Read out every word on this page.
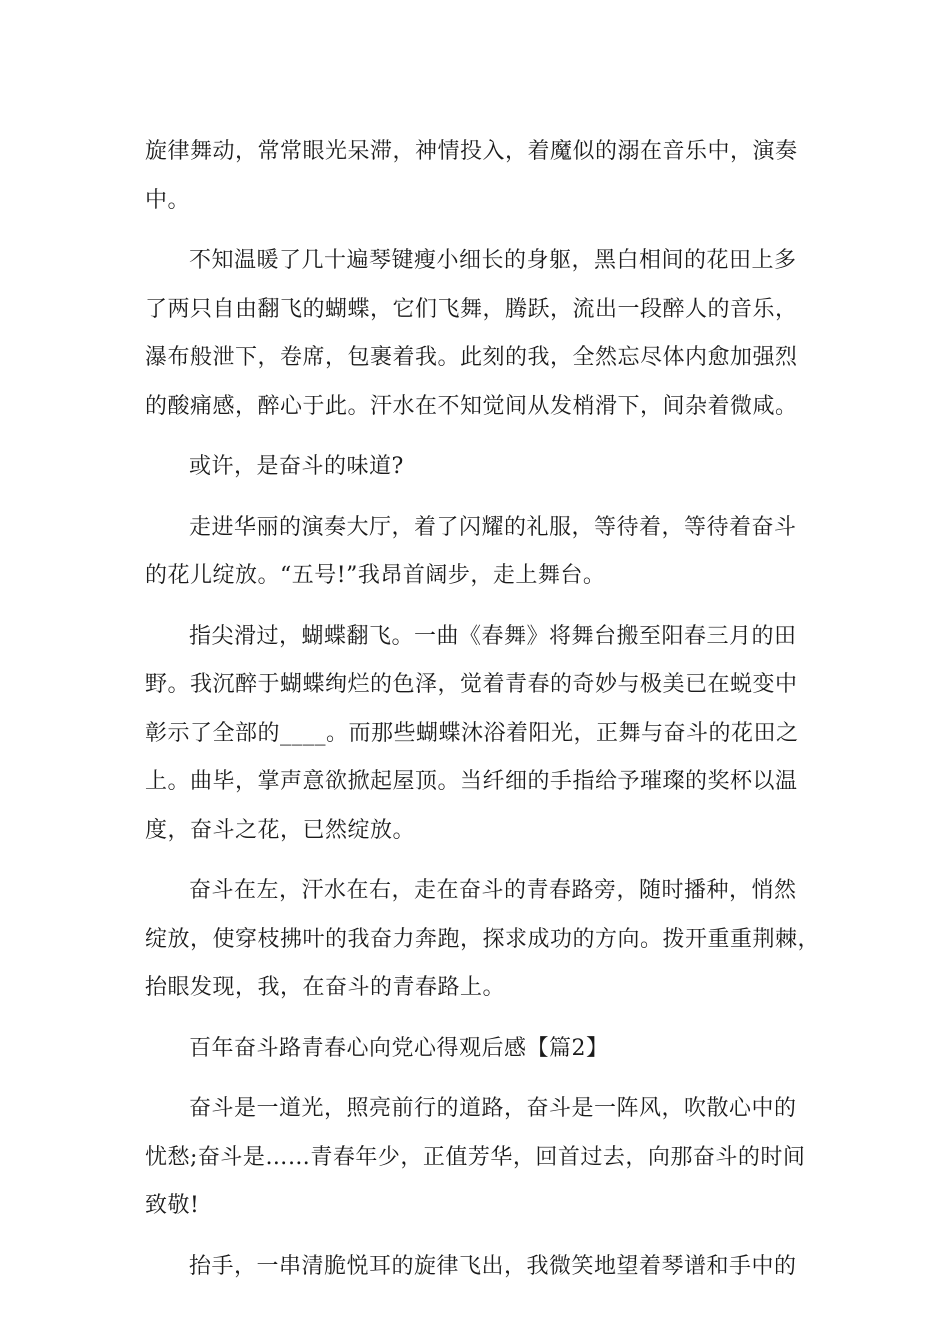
旋律舞动，常常眼光呆滞，神情投入，着魔似的溺在音乐中，演奏
中。

不知温暖了几十遍琴键瘦小细长的身躯，黑白相间的花田上多
了两只自由翻飞的蝴蝶，它们飞舞，腾跃，流出一段醉人的音乐，
瀑布般泄下，卷席，包裹着我。此刻的我，全然忘尽体内愈加强烈
的酸痛感，醉心于此。汗水在不知觉间从发梢滑下，间杂着微咸。

或许，是奋斗的味道?

走进华丽的演奏大厅，着了闪耀的礼服，等待着，等待着奋斗
的花儿绽放。“五号!”我昂首阔步，走上舞台。

指尖滑过，蝴蝶翻飞。一曲《春舞》将舞台搬至阳春三月的田
野。我沉醉于蝴蝶绚烂的色泽，觉着青春的奇妙与极美已在蜕变中
彰示了全部的____。而那些蝴蝶沐浴着阳光，正舞与奋斗的花田之
上。曲毕，掌声意欲掀起屋顶。当纤细的手指给予璀璨的奖杯以温
度，奋斗之花，已然绽放。

奋斗在左，汗水在右，走在奋斗的青春路旁，随时播种，悄然
绽放，使穿枝拂叶的我奋力奔跑，探求成功的方向。拨开重重荆棘，
抬眼发现，我，在奋斗的青春路上。

百年奋斗路青春心向党心得观后感【篇2】

奋斗是一道光，照亮前行的道路，奋斗是一阵风，吹散心中的
忧愁;奋斗是……青春年少，正值芳华，回首过去，向那奋斗的时间
致敬!

抬手，一串清脆悦耳的旋律飞出，我微笑地望着琴谱和手中的
